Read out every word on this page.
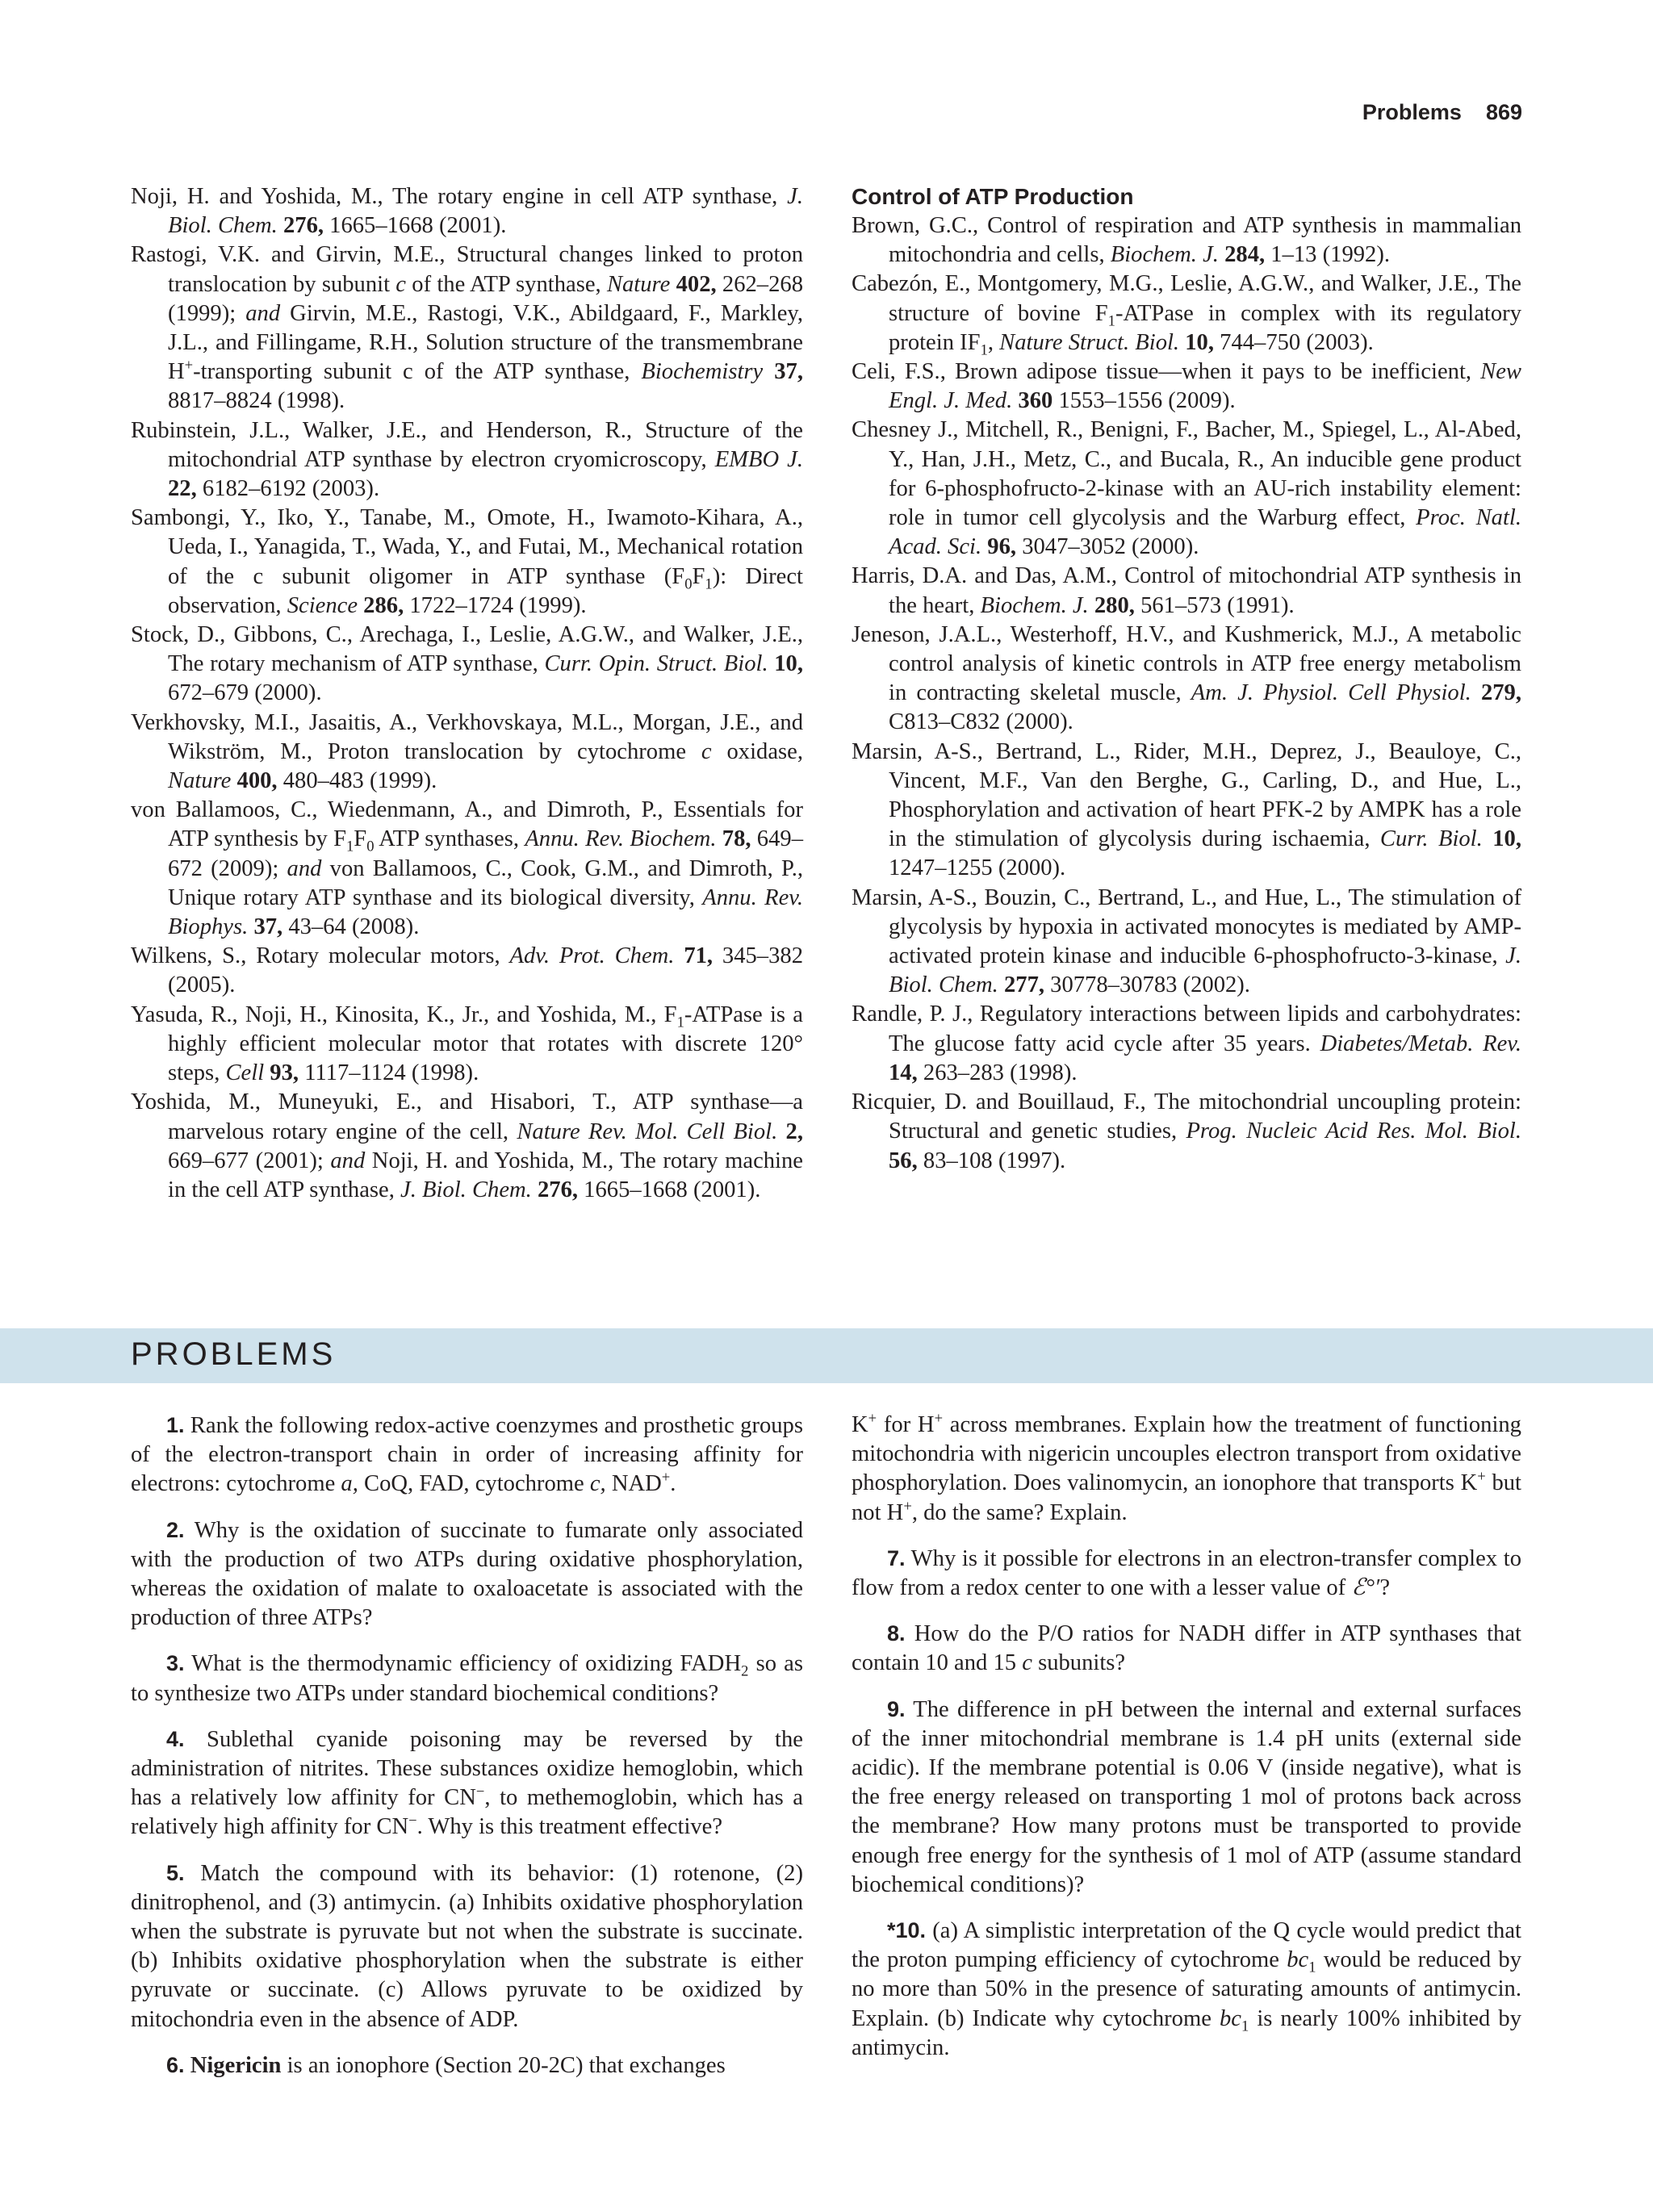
Problems 869

Noji, H. and Yoshida, M., The rotary engine in cell ATP synthase, J. Biol. Chem. 276, 1665–1668 (2001).

Rastogi, V.K. and Girvin, M.E., Structural changes linked to proton translocation by subunit c of the ATP synthase, Nature 402, 262–268 (1999); and Girvin, M.E., Rastogi, V.K., Abildgaard, F., Markley, J.L., and Fillingame, R.H., Solution structure of the transmembrane H+-transporting subunit c of the ATP synthase, Biochemistry 37, 8817–8824 (1998).

Rubinstein, J.L., Walker, J.E., and Henderson, R., Structure of the mitochondrial ATP synthase by electron cryomicroscopy, EMBO J. 22, 6182–6192 (2003).

Sambongi, Y., Iko, Y., Tanabe, M., Omote, H., Iwamoto-Kihara, A., Ueda, I., Yanagida, T., Wada, Y., and Futai, M., Mechanical rotation of the c subunit oligomer in ATP synthase $(F_0F_1)$: Direct observation, Science 286, 1722–1724 (1999).

Stock, D., Gibbons, C., Arechaga, I., Leslie, A.G.W., and Walker, J.E., The rotary mechanism of ATP synthase, Curr. Opin. Struct. Biol. 10, 672–679 (2000).

Verkhovsky, M.I., Jasaitis, A., Verkhovskaya, M.L., Morgan, J.E., and Wikström, M., Proton translocation by cytochrome c oxidase, Nature 400, 480–483 (1999).

von Ballamoos, C., Wiedenmann, A., and Dimroth, P., Essentials for ATP synthesis by $F_1F_0$ ATP synthases, Annu. Rev. Biochem. 78, 649–672 (2009); and von Ballamoos, C., Cook, G.M., and Dimroth, P., Unique rotary ATP synthase and its biological diversity, Annu. Rev. Biophys. 37, 43–64 (2008).

Wilkens, S., Rotary molecular motors, Adv. Prot. Chem. 71, 345–382 (2005).

Yasuda, R., Noji, H., Kinosita, K., Jr., and Yoshida, M., $F_1$-ATPase is a highly efficient molecular motor that rotates with discrete 120° steps, Cell 93, 1117–1124 (1998).

Yoshida, M., Muneyuki, E., and Hisabori, T., ATP synthase—a marvelous rotary engine of the cell, Nature Rev. Mol. Cell Biol. 2, 669–677 (2001); and Noji, H. and Yoshida, M., The rotary machine in the cell ATP synthase, J. Biol. Chem. 276, 1665–1668 (2001).

Control of ATP Production

Brown, G.C., Control of respiration and ATP synthesis in mammalian mitochondria and cells, Biochem. J. 284, 1–13 (1992).

Cabezón, E., Montgomery, M.G., Leslie, A.G.W., and Walker, J.E., The structure of bovine $F_1$-ATPase in complex with its regulatory protein $IF_1$, Nature Struct. Biol. 10, 744–750 (2003).

Celi, F.S., Brown adipose tissue—when it pays to be inefficient, New Engl. J. Med. 360 1553–1556 (2009).

Chesney J., Mitchell, R., Benigni, F., Bacher, M., Spiegel, L., Al-Abed, Y., Han, J.H., Metz, C., and Bucala, R., An inducible gene product for 6-phosphofructo-2-kinase with an AU-rich instability element: role in tumor cell glycolysis and the Warburg effect, Proc. Natl. Acad. Sci. 96, 3047–3052 (2000).

Harris, D.A. and Das, A.M., Control of mitochondrial ATP synthesis in the heart, Biochem. J. 280, 561–573 (1991).

Jeneson, J.A.L., Westerhoff, H.V., and Kushmerick, M.J., A metabolic control analysis of kinetic controls in ATP free energy metabolism in contracting skeletal muscle, Am. J. Physiol. Cell Physiol. 279, C813–C832 (2000).

Marsin, A-S., Bertrand, L., Rider, M.H., Deprez, J., Beauloye, C., Vincent, M.F., Van den Berghe, G., Carling, D., and Hue, L., Phosphorylation and activation of heart PFK-2 by AMPK has a role in the stimulation of glycolysis during ischaemia, Curr. Biol. 10, 1247–1255 (2000).

Marsin, A-S., Bouzin, C., Bertrand, L., and Hue, L., The stimulation of glycolysis by hypoxia in activated monocytes is mediated by AMP-activated protein kinase and inducible 6-phosphofructo-3-kinase, J. Biol. Chem. 277, 30778–30783 (2002).

Randle, P. J., Regulatory interactions between lipids and carbohydrates: The glucose fatty acid cycle after 35 years. Diabetes/Metab. Rev. 14, 263–283 (1998).

Ricquier, D. and Bouillaud, F., The mitochondrial uncoupling protein: Structural and genetic studies, Prog. Nucleic Acid Res. Mol. Biol. 56, 83–108 (1997).

PROBLEMS

1. Rank the following redox-active coenzymes and prosthetic groups of the electron-transport chain in order of increasing affinity for electrons: cytochrome a, CoQ, FAD, cytochrome c, NAD+.

2. Why is the oxidation of succinate to fumarate only associated with the production of two ATPs during oxidative phosphorylation, whereas the oxidation of malate to oxaloacetate is associated with the production of three ATPs?

3. What is the thermodynamic efficiency of oxidizing $FADH_2$ so as to synthesize two ATPs under standard biochemical conditions?

4. Sublethal cyanide poisoning may be reversed by the administration of nitrites. These substances oxidize hemoglobin, which has a relatively low affinity for CN−, to methemoglobin, which has a relatively high affinity for CN−. Why is this treatment effective?

5. Match the compound with its behavior: (1) rotenone, (2) dinitrophenol, and (3) antimycin. (a) Inhibits oxidative phosphorylation when the substrate is pyruvate but not when the substrate is succinate. (b) Inhibits oxidative phosphorylation when the substrate is either pyruvate or succinate. (c) Allows pyruvate to be oxidized by mitochondria even in the absence of ADP.

6. Nigericin is an ionophore (Section 20-2C) that exchanges

K+ for H+ across membranes. Explain how the treatment of functioning mitochondria with nigericin uncouples electron transport from oxidative phosphorylation. Does valinomycin, an ionophore that transports K+ but not H+, do the same? Explain.

7. Why is it possible for electrons in an electron-transfer complex to flow from a redox center to one with a lesser value of ℰ°′?

8. How do the P/O ratios for NADH differ in ATP synthases that contain 10 and 15 c subunits?

9. The difference in pH between the internal and external surfaces of the inner mitochondrial membrane is 1.4 pH units (external side acidic). If the membrane potential is 0.06 V (inside negative), what is the free energy released on transporting 1 mol of protons back across the membrane? How many protons must be transported to provide enough free energy for the synthesis of 1 mol of ATP (assume standard biochemical conditions)?

*10. (a) A simplistic interpretation of the Q cycle would predict that the proton pumping efficiency of cytochrome $bc_1$ would be reduced by no more than 50% in the presence of saturating amounts of antimycin. Explain. (b) Indicate why cytochrome $bc_1$ is nearly 100% inhibited by antimycin.
